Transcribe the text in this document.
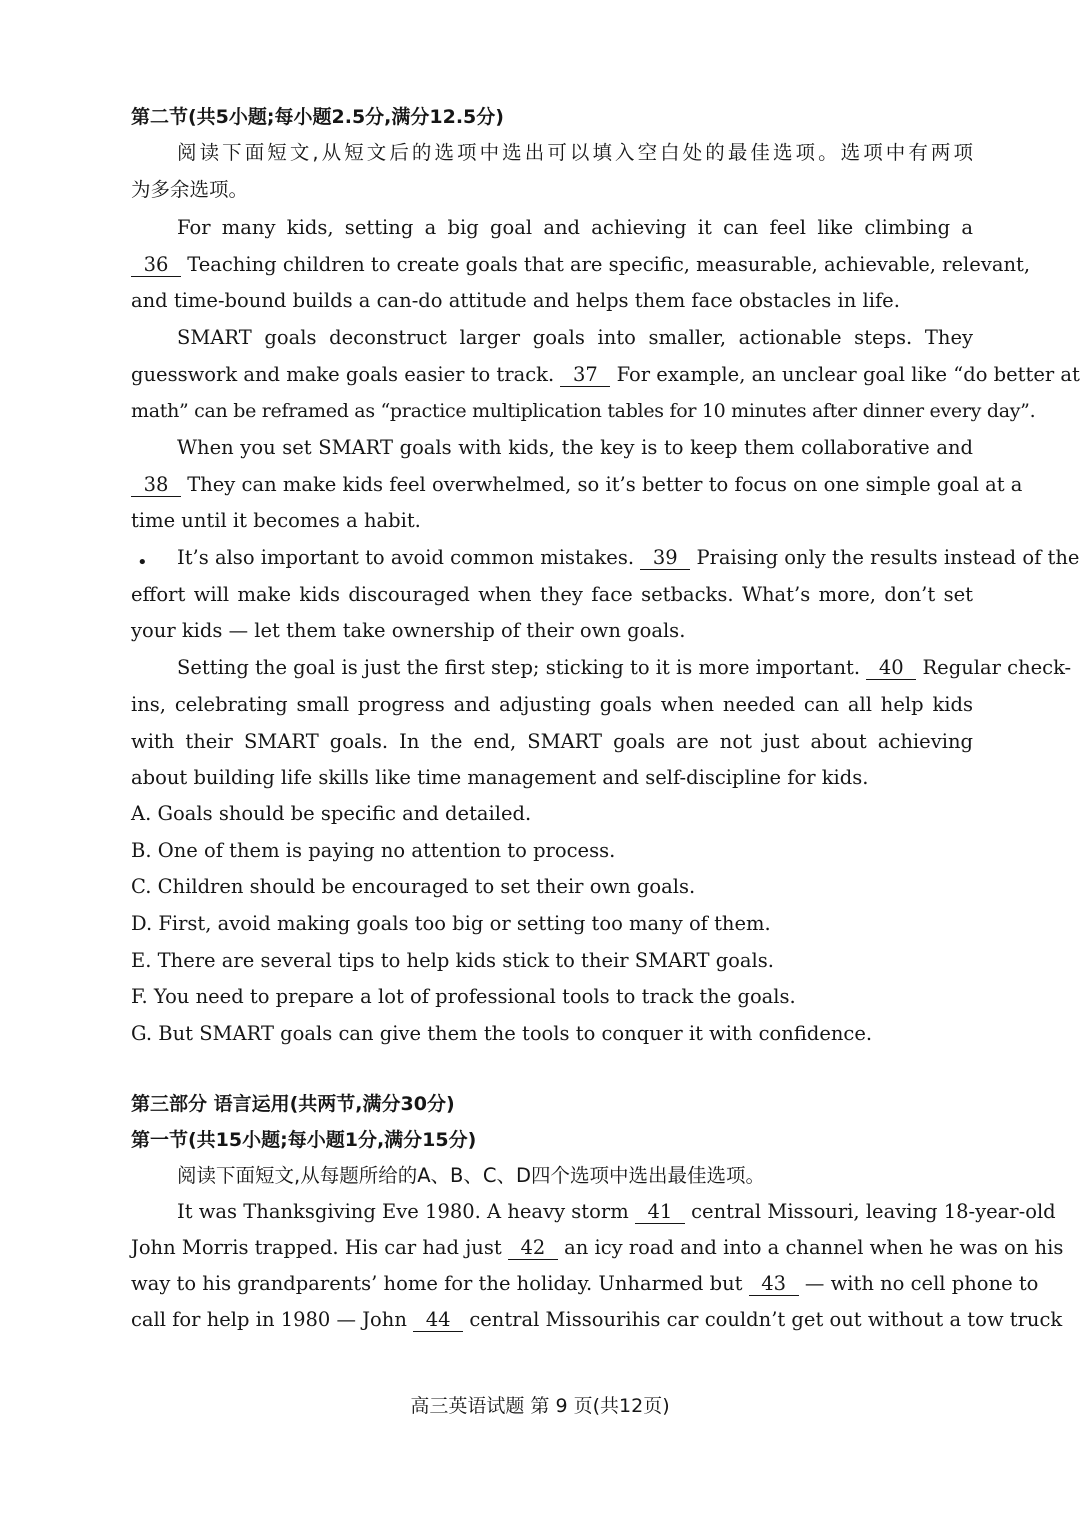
第二节(共5小题;每小题2.5分,满分12.5分)
阅读下面短文,从短文后的选项中选出可以填入空白处的最佳选项。选项中有两项
为多余选项。
For many kids, setting a big goal and achieving it can feel like climbing a
36 Teaching children to create goals that are specific, measurable, achievable, relevant,
and time-bound builds a can-do attitude and helps them face obstacles in life.
SMART goals deconstruct larger goals into smaller, actionable steps. They
guesswork and make goals easier to track. 37 For example, an unclear goal like “do better at
math” can be reframed as “practice multiplication tables for 10 minutes after dinner every day”.
When you set SMART goals with kids, the key is to keep them collaborative and
38 They can make kids feel overwhelmed, so it’s better to focus on one simple goal at a
time until it becomes a habit.
• It’s also important to avoid common mistakes. 39 Praising only the results instead of the
effort will make kids discouraged when they face setbacks. What’s more, don’t set
your kids — let them take ownership of their own goals.
Setting the goal is just the first step; sticking to it is more important. 40 Regular check-
ins, celebrating small progress and adjusting goals when needed can all help kids
with their SMART goals. In the end, SMART goals are not just about achieving
about building life skills like time management and self-discipline for kids.
A. Goals should be specific and detailed.
B. One of them is paying no attention to process.
C. Children should be encouraged to set their own goals.
D. First, avoid making goals too big or setting too many of them.
E. There are several tips to help kids stick to their SMART goals.
F. You need to prepare a lot of professional tools to track the goals.
G. But SMART goals can give them the tools to conquer it with confidence.
第三部分 语言运用(共两节,满分30分)
第一节(共15小题;每小题1分,满分15分)
阅读下面短文,从每题所给的A、B、C、D四个选项中选出最佳选项。
It was Thanksgiving Eve 1980. A heavy storm 41 central Missouri, leaving 18-year-old
John Morris trapped. His car had just 42 an icy road and into a channel when he was on his
way to his grandparents’ home for the holiday. Unharmed but 43 — with no cell phone to
call for help in 1980 — John 44 central Missourihis car couldn’t get out without a tow truck
高三英语试题 第 9 页(共12页)
